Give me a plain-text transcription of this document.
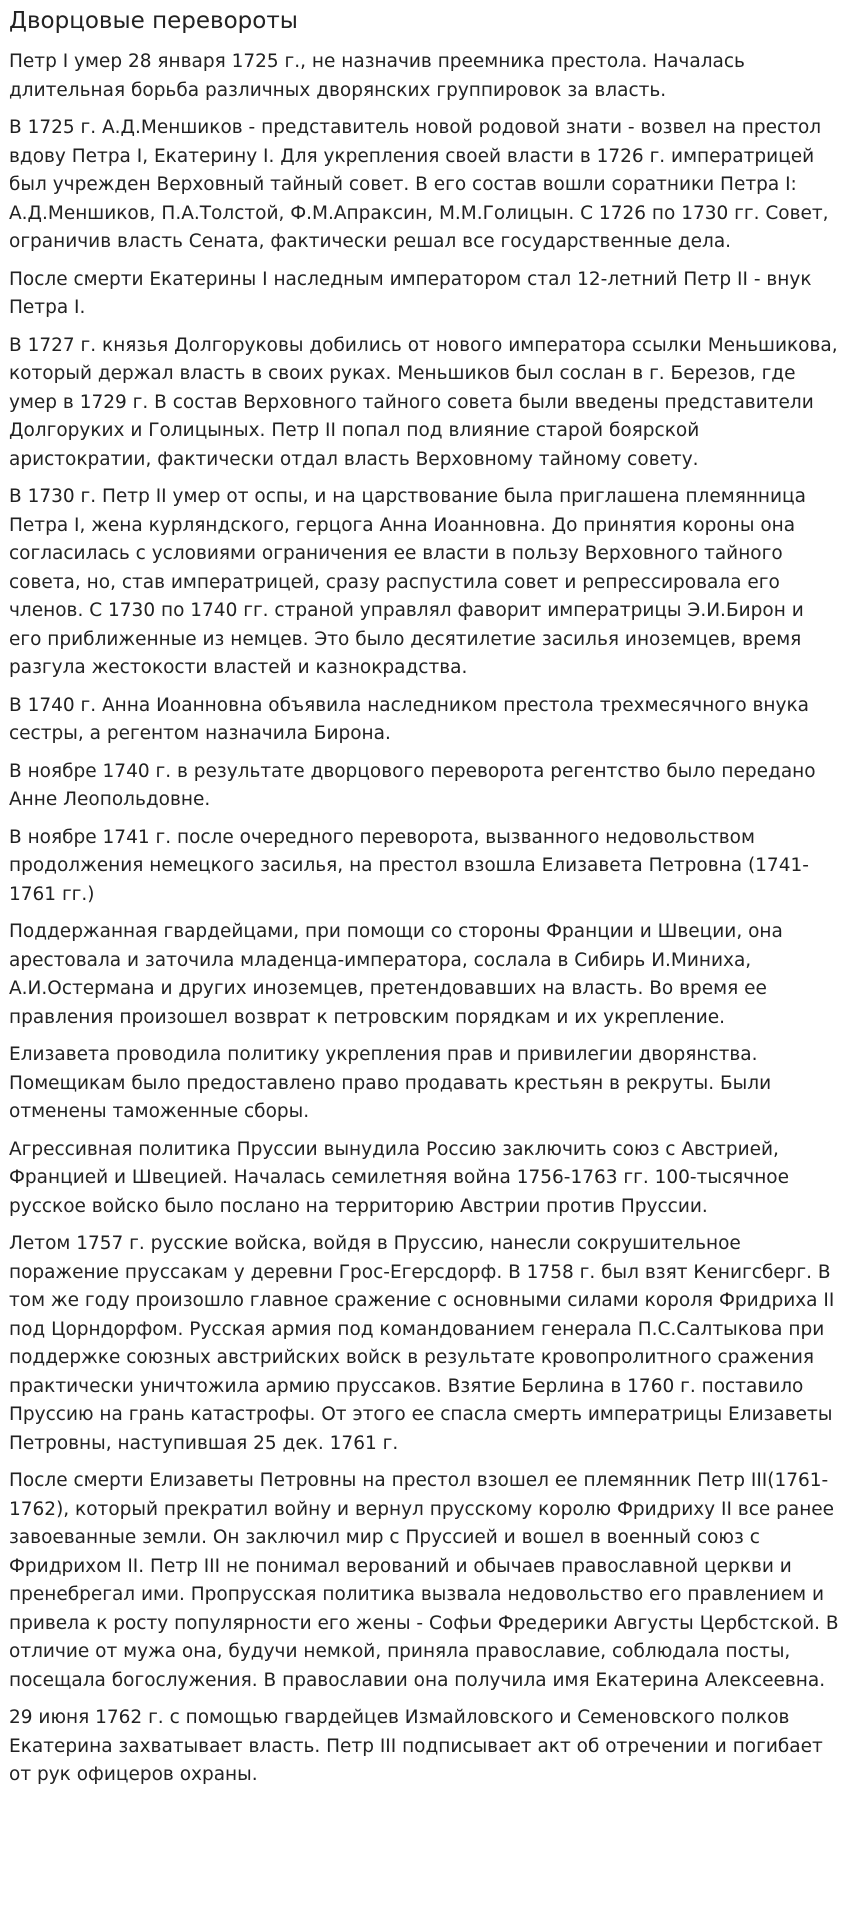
Дворцовые перевороты

Петр I умер 28 января 1725 г., не назначив преемника престола. Началась длительная борьба различных дворянских группировок за власть.

В 1725 г. А.Д.Меншиков - представитель новой родовой знати - возвел на престол вдову Петра I, Екатерину I. Для укрепления своей власти в 1726 г. императрицей был учрежден Верховный тайный совет. В его состав вошли соратники Петра I: А.Д.Меншиков, П.А.Толстой, Ф.М.Апраксин, М.М.Голицын. С 1726 по 1730 гг. Совет, ограничив власть Сената, фактически решал все государственные дела.

После смерти Екатерины I наследным императором стал 12-летний Петр II - внук Петра I.

В 1727 г. князья Долгоруковы добились от нового императора ссылки Меньшикова, который держал власть в своих руках. Меньшиков был сослан в г. Березов, где умер в 1729 г. В состав Верховного тайного совета были введены представители Долгоруких и Голицыных. Петр II попал под влияние старой боярской аристократии, фактически отдал власть Верховному тайному совету.

В 1730 г. Петр II умер от оспы, и на царствование была приглашена племянница Петра I, жена курляндского, герцога Анна Иоанновна. До принятия короны она согласилась с условиями ограничения ее власти в пользу Верховного тайного совета, но, став императрицей, сразу распустила совет и репрессировала его членов. С 1730 по 1740 гг. страной управлял фаворит императрицы Э.И.Бирон и его приближенные из немцев. Это было десятилетие засилья иноземцев, время разгула жестокости властей и казнокрадства.

В 1740 г. Анна Иоанновна объявила наследником престола трехмесячного внука сестры, а регентом назначила Бирона.

В ноябре 1740 г. в результате дворцового переворота регентство было передано Анне Леопольдовне.

В ноябре 1741 г. после очередного переворота, вызванного недовольством продолжения немецкого засилья, на престол взошла Елизавета Петровна (1741-1761 гг.)

Поддержанная гвардейцами, при помощи со стороны Франции и Швеции, она арестовала и заточила младенца-императора, сослала в Сибирь И.Миниха, А.И.Остермана и других иноземцев, претендовавших на власть. Во время ее правления произошел возврат к петровским порядкам и их укрепление.

Елизавета проводила политику укрепления прав и привилегии дворянства. Помещикам было предоставлено право продавать крестьян в рекруты. Были отменены таможенные сборы.

Агрессивная политика Пруссии вынудила Россию заключить союз с Австрией, Францией и Швецией. Началась семилетняя война 1756-1763 гг. 100-тысячное русское войско было послано на территорию Австрии против Пруссии.

Летом 1757 г. русские войска, войдя в Пруссию, нанесли сокрушительное поражение пруссакам у деревни Грос-Егерсдорф. В 1758 г. был взят Кенигсберг. В том же году произошло главное сражение с основными силами короля Фридриха II под Цорндорфом. Русская армия под командованием генерала П.С.Салтыкова при поддержке союзных австрийских войск в результате кровопролитного сражения практически уничтожила армию пруссаков. Взятие Берлина в 1760 г. поставило Пруссию на грань катастрофы. От этого ее спасла смерть императрицы Елизаветы Петровны, наступившая 25 дек. 1761 г.

После смерти Елизаветы Петровны на престол взошел ее племянник Петр III(1761-1762), который прекратил войну и вернул прусскому королю Фридриху II все ранее завоеванные земли. Он заключил мир с Пруссией и вошел в военный союз с Фридрихом II. Петр III не понимал верований и обычаев православной церкви и пренебрегал ими. Пропрусская политика вызвала недовольство его правлением и привела к росту популярности его жены - Софьи Фредерики Августы Цербстской. В отличие от мужа она, будучи немкой, приняла православие, соблюдала посты, посещала богослужения. В православии она получила имя Екатерина Алексеевна.

29 июня 1762 г. с помощью гвардейцев Измайловского и Семеновского полков Екатерина захватывает власть. Петр III подписывает акт об отречении и погибает от рук офицеров охраны.
